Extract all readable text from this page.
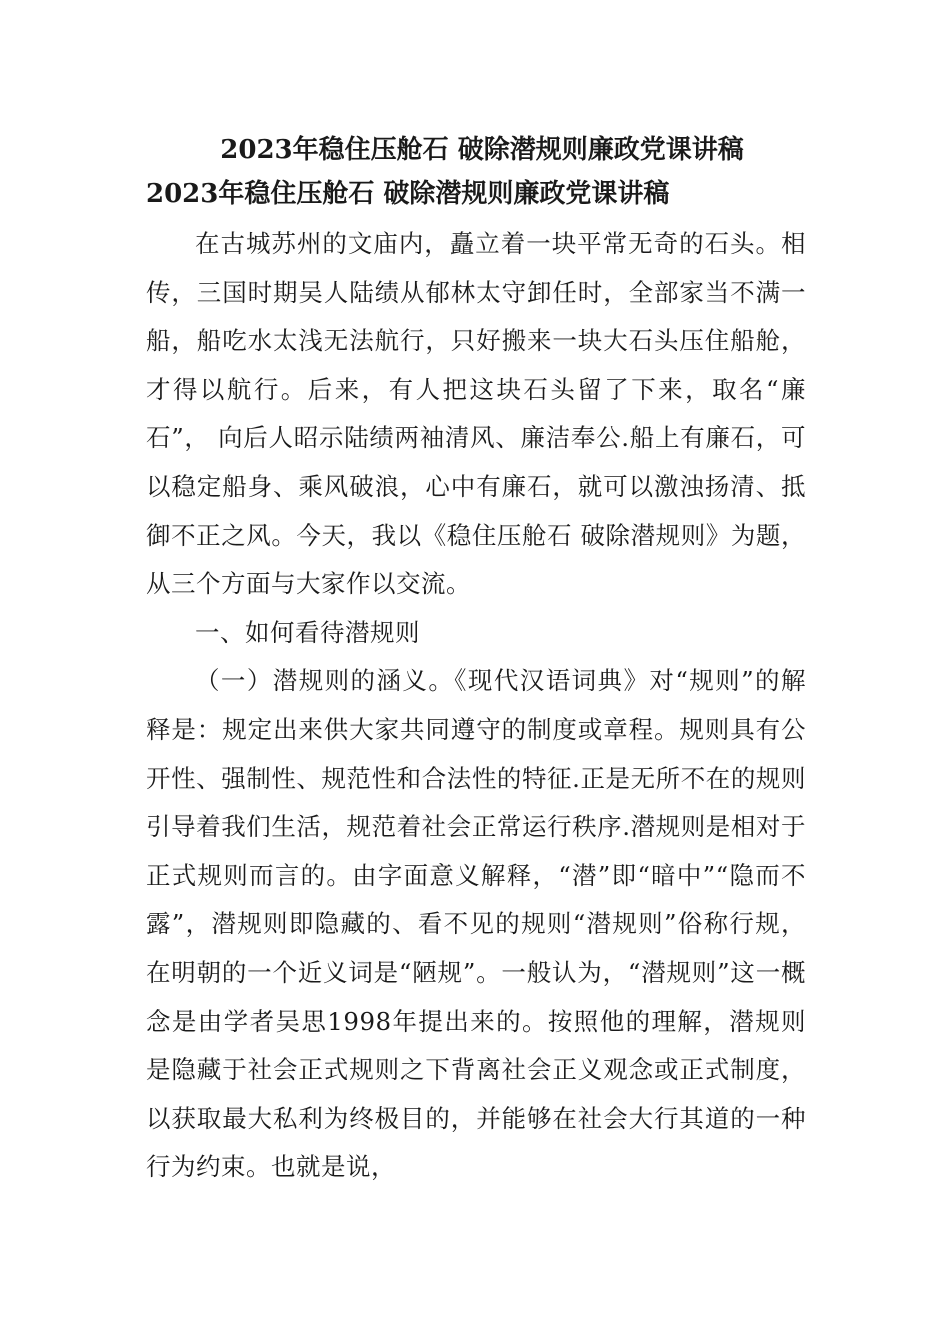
2023年稳住压舱石 破除潜规则廉政党课讲稿
2023年稳住压舱石 破除潜规则廉政党课讲稿

在古城苏州的文庙内，矗立着一块平常无奇的石头。相传，三国时期吴人陆绩从郁林太守卸任时，全部家当不满一船，船吃水太浅无法航行，只好搬来一块大石头压住船舱，才得以航行。后来，有人把这块石头留了下来，取名“廉石”， 向后人昭示陆绩两袖清风、廉洁奉公.船上有廉石，可以稳定船身、乘风破浪，心中有廉石，就可以激浊扬清、抵御不正之风。今天，我以《稳住压舱石 破除潜规则》为题，从三个方面与大家作以交流。

一、如何看待潜规则

（一）潜规则的涵义。《现代汉语词典》对“规则”的解释是：规定出来供大家共同遵守的制度或章程。规则具有公开性、强制性、规范性和合法性的特征.正是无所不在的规则引导着我们生活，规范着社会正常运行秩序.潜规则是相对于正式规则而言的。由字面意义解释，“潜”即“暗中”“隐而不露”，潜规则即隐藏的、看不见的规则“潜规则”俗称行规，在明朝的一个近义词是“陋规”。一般认为，“潜规则”这一概念是由学者吴思1998年提出来的。按照他的理解，潜规则是隐藏于社会正式规则之下背离社会正义观念或正式制度，以获取最大私利为终极目的，并能够在社会大行其道的一种行为约束。也就是说，
